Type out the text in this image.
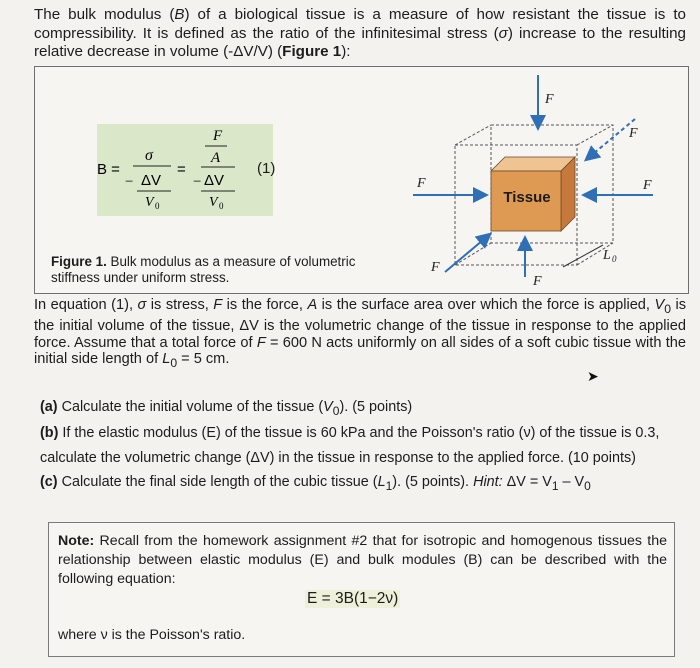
The bulk modulus (B) of a biological tissue is a measure of how resistant the tissue is to compressibility. It is defined as the ratio of the infinitesimal stress (σ) increase to the resulting relative decrease in volume (-ΔV/V) (Figure 1):
B =
σ
− ΔV
V 0
=
F
A
− ΔV
V 0
(1)
F
F
F	F
F
F
L 0
Tissue
Figure 1. Bulk modulus as a measure of volumetric stiffness under uniform stress.
In equation (1), σ is stress, F is the force, A is the surface area over which the force is applied, $V_0$ is the initial volume of the tissue, ΔV is the volumetric change of the tissue in response to the applied force. Assume that a total force of F = 600 N acts uniformly on all sides of a soft cubic tissue with the initial side length of $L_0 = 5$ cm.
➤
(a) Calculate the initial volume of the tissue $(V_0)$. (5 points)
(b) If the elastic modulus (E) of the tissue is 60 kPa and the Poisson's ratio (ν) of the tissue is 0.3,
calculate the volumetric change (ΔV) in the tissue in response to the applied force. (10 points)
(c) Calculate the final side length of the cubic tissue $(L_1)$. (5 points). Hint: $\Delta V = V_1 - V_0$
Note: Recall from the homework assignment #2 that for isotropic and homogenous tissues the relationship between elastic modulus (E) and bulk modules (B) can be described with the following equation:
E = 3B(1−2ν)
where ν is the Poisson's ratio.
